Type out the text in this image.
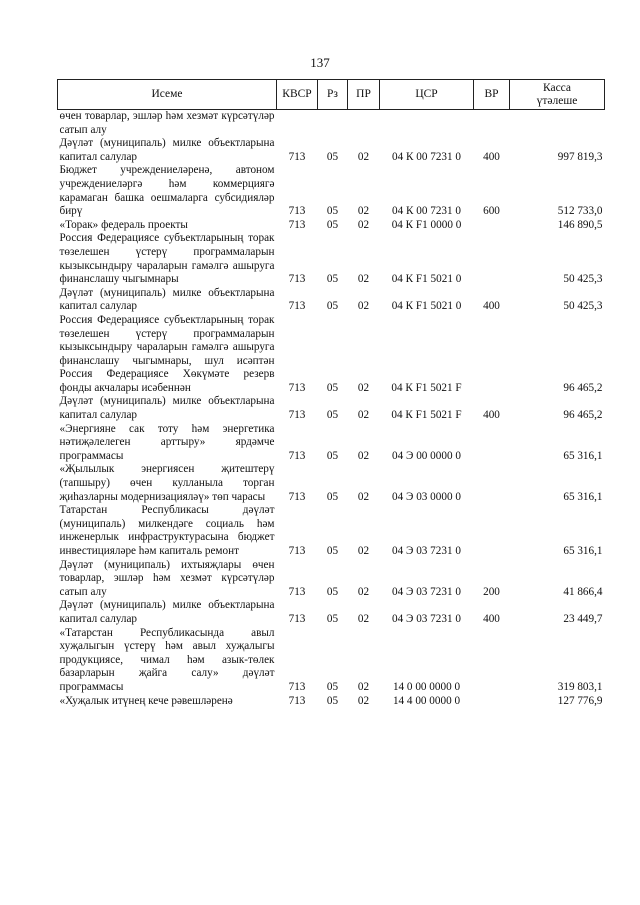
137
Исеме	КВСР	Рз	ПР	ЦСР	ВР	Касса
үтәлеше
өчен товарлар, эшләр һәм хезмәт күрсәтүләр сатып алу						
Дәүләт (муниципаль) милке объектларына капитал салулар	713	05	02	04 К 00 7231 0	400	997 819,3
Бюджет учреждениеләренә, автоном учреждениеләргә һәм коммерциягә карамаган башка оешмаларга субсидияләр бирү	713	05	02	04 К 00 7231 0	600	512 733,0
«Торак» федераль проекты	713	05	02	04 К F1 0000 0		146 890,5
Россия Федерациясе субъектларының торак төзелешен үстерү программаларын кызыксындыру чараларын гамәлгә ашыруга финанслашу чыгымнары	713	05	02	04 К F1 5021 0		50 425,3
Дәүләт (муниципаль) милке объектларына капитал салулар	713	05	02	04 К F1 5021 0	400	50 425,3
Россия Федерациясе субъектларының торак төзелешен үстерү программаларын кызыксындыру чараларын гамәлгә ашыруга финанслашу чыгымнары, шул исәптән Россия Федерациясе Хөкүмәте резерв фонды акчалары исәбеннән	713	05	02	04 К F1 5021 F		96 465,2
Дәүләт (муниципаль) милке объектларына капитал салулар	713	05	02	04 К F1 5021 F	400	96 465,2
«Энергияне сак тоту һәм энергетика нәтиҗәлелеген арттыру» ярдәмче программасы	713	05	02	04 Э 00 0000 0		65 316,1
«Җылылык энергиясен җитештерү (тапшыру) өчен кулланыла торган җиһазларны модернизацияләү» төп чарасы	713	05	02	04 Э 03 0000 0		65 316,1
Татарстан Республикасы дәүләт (муниципаль) милкендәге социаль һәм инженерлык инфраструктурасына бюджет инвестицияләре һәм капиталь ремонт	713	05	02	04 Э 03 7231 0		65 316,1
Дәүләт (муниципаль) ихтыяҗлары өчен товарлар, эшләр һәм хезмәт күрсәтүләр сатып алу	713	05	02	04 Э 03 7231 0	200	41 866,4
Дәүләт (муниципаль) милке объектларына капитал салулар	713	05	02	04 Э 03 7231 0	400	23 449,7
«Татарстан Республикасында авыл хуҗалыгын үстерү һәм авыл хуҗалыгы продукциясе, чимал һәм азык-төлек базарларын җайга салу» дәүләт программасы	713	05	02	14 0 00 0000 0		319 803,1
«Хуҗалык итүнең кече рәвешләренә	713	05	02	14 4 00 0000 0		127 776,9
